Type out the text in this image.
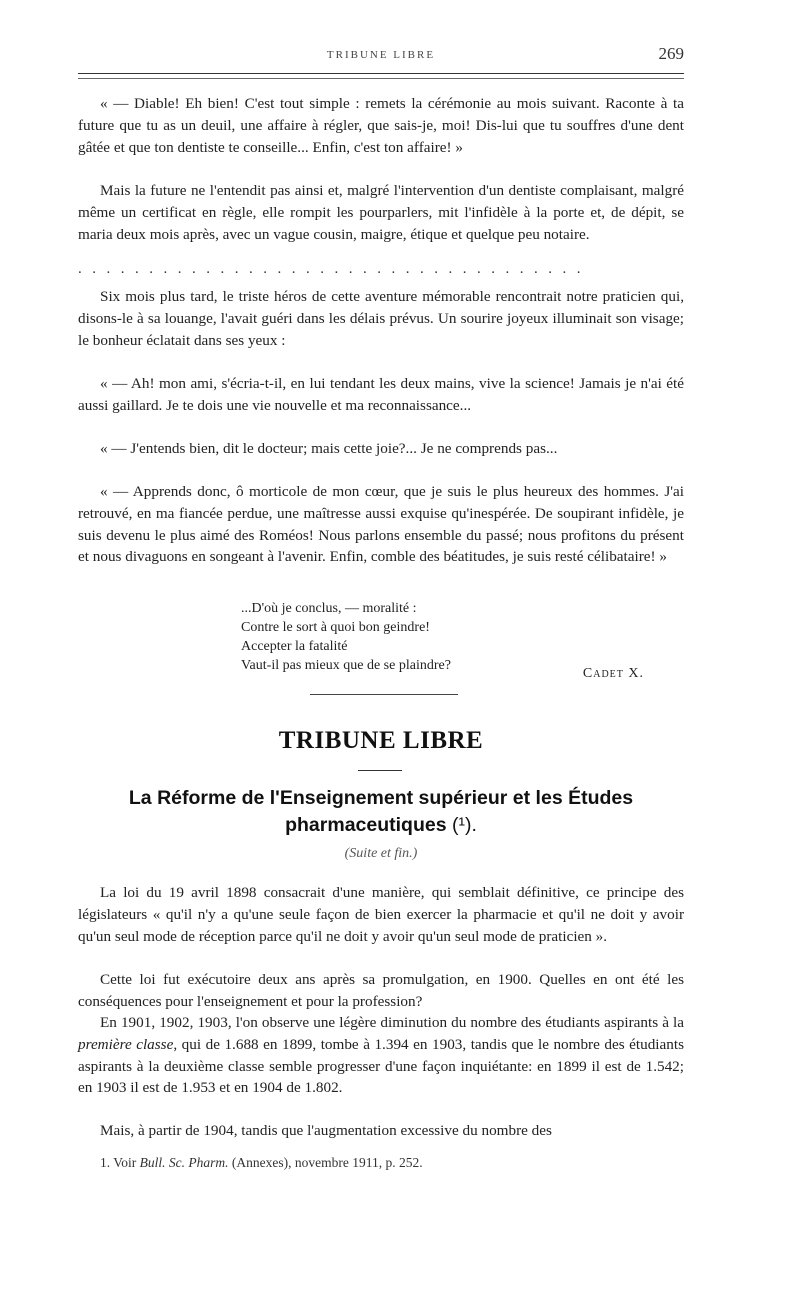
TRIBUNE LIBRE	269

« — Diable! Eh bien! C'est tout simple : remets la cérémonie au mois suivant. Raconte à ta future que tu as un deuil, une affaire à régler, que sais-je, moi! Dis-lui que tu souffres d'une dent gâtée et que ton dentiste te conseille... Enfin, c'est ton affaire! »

Mais la future ne l'entendit pas ainsi et, malgré l'intervention d'un dentiste complaisant, malgré même un certificat en règle, elle rompit les pourparlers, mit l'infidèle à la porte et, de dépit, se maria deux mois après, avec un vague cousin, maigre, étique et quelque peu notaire.

....................................

Six mois plus tard, le triste héros de cette aventure mémorable rencontrait notre praticien qui, disons-le à sa louange, l'avait guéri dans les délais prévus. Un sourire joyeux illuminait son visage; le bonheur éclatait dans ses yeux :

« — Ah! mon ami, s'écria-t-il, en lui tendant les deux mains, vive la science! Jamais je n'ai été aussi gaillard. Je te dois une vie nouvelle et ma reconnaissance...

« — J'entends bien, dit le docteur; mais cette joie?... Je ne comprends pas...

« — Apprends donc, ô morticole de mon cœur, que je suis le plus heureux des hommes. J'ai retrouvé, en ma fiancée perdue, une maîtresse aussi exquise qu'inespérée. De soupirant infidèle, je suis devenu le plus aimé des Roméos! Nous parlons ensemble du passé; nous profitons du présent et nous divaguons en songeant à l'avenir. Enfin, comble des béatitudes, je suis resté célibataire! »

...D'où je conclus, — moralité :
Contre le sort à quoi bon geindre!
Accepter la fatalité
Vaut-il pas mieux que de se plaindre?
Cadet X.
TRIBUNE LIBRE
La Réforme de l'Enseignement supérieur et les Études
pharmaceutiques (¹).
(Suite et fin.)

La loi du 19 avril 1898 consacrait d'une manière, qui semblait définitive, ce principe des législateurs « qu'il n'y a qu'une seule façon de bien exercer la pharmacie et qu'il ne doit y avoir qu'un seul mode de réception parce qu'il ne doit y avoir qu'un seul mode de praticien ».

Cette loi fut exécutoire deux ans après sa promulgation, en 1900. Quelles en ont été les conséquences pour l'enseignement et pour la profession?

En 1901, 1902, 1903, l'on observe une légère diminution du nombre des étudiants aspirants à la première classe, qui de 1.688 en 1899, tombe à 1.394 en 1903, tandis que le nombre des étudiants aspirants à la deuxième classe semble progresser d'une façon inquiétante: en 1899 il est de 1.542; en 1903 il est de 1.953 et en 1904 de 1.802.

Mais, à partir de 1904, tandis que l'augmentation excessive du nombre des

1. Voir Bull. Sc. Pharm. (Annexes), novembre 1911, p. 252.
